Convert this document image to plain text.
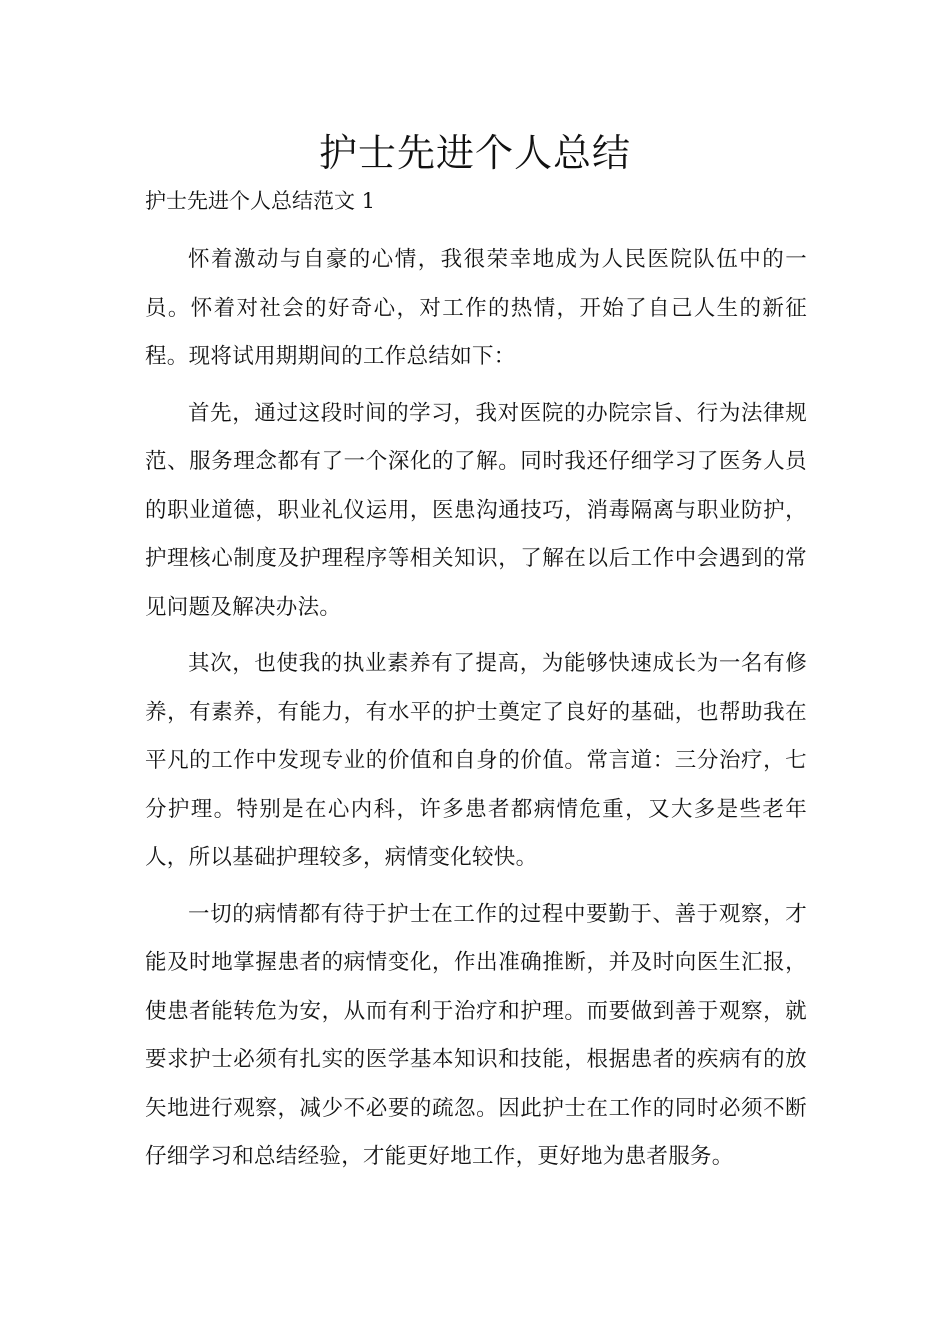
护士先进个人总结

护士先进个人总结范文 1

怀着激动与自豪的心情，我很荣幸地成为人民医院队伍中的一员。怀着对社会的好奇心，对工作的热情，开始了自己人生的新征程。现将试用期期间的工作总结如下：

首先，通过这段时间的学习，我对医院的办院宗旨、行为法律规范、服务理念都有了一个深化的了解。同时我还仔细学习了医务人员的职业道德，职业礼仪运用，医患沟通技巧，消毒隔离与职业防护，护理核心制度及护理程序等相关知识，了解在以后工作中会遇到的常见问题及解决办法。

其次，也使我的执业素养有了提高，为能够快速成长为一名有修养，有素养，有能力，有水平的护士奠定了良好的基础，也帮助我在平凡的工作中发现专业的价值和自身的价值。常言道：三分治疗，七分护理。特别是在心内科，许多患者都病情危重，又大多是些老年人，所以基础护理较多，病情变化较快。

一切的病情都有待于护士在工作的过程中要勤于、善于观察，才能及时地掌握患者的病情变化，作出准确推断，并及时向医生汇报，使患者能转危为安，从而有利于治疗和护理。而要做到善于观察，就要求护士必须有扎实的医学基本知识和技能，根据患者的疾病有的放矢地进行观察，减少不必要的疏忽。因此护士在工作的同时必须不断仔细学习和总结经验，才能更好地工作，更好地为患者服务。
